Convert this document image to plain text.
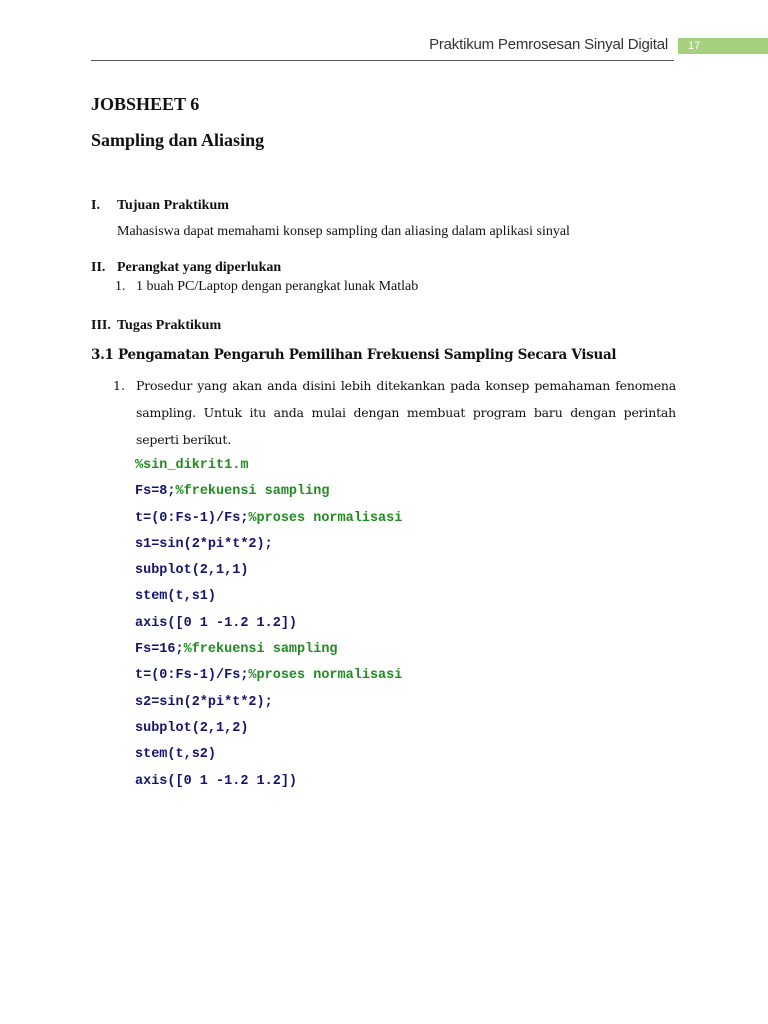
Praktikum Pemrosesan Sinyal Digital	17
JOBSHEET 6
Sampling dan Aliasing
I. Tujuan Praktikum
Mahasiswa dapat memahami konsep sampling dan aliasing dalam aplikasi sinyal
II. Perangkat yang diperlukan
1. 1 buah PC/Laptop dengan perangkat lunak Matlab
III. Tugas Praktikum
3.1 Pengamatan Pengaruh Pemilihan Frekuensi Sampling Secara Visual
1. Prosedur yang akan anda disini lebih ditekankan pada konsep pemahaman fenomena sampling. Untuk itu anda mulai dengan membuat program baru dengan perintah seperti berikut.
%sin_dikrit1.m
Fs=8;%frekuensi sampling
t=(0:Fs-1)/Fs;%proses normalisasi
s1=sin(2*pi*t*2);
subplot(2,1,1)
stem(t,s1)
axis([0 1 -1.2 1.2])
Fs=16;%frekuensi sampling
t=(0:Fs-1)/Fs;%proses normalisasi
s2=sin(2*pi*t*2);
subplot(2,1,2)
stem(t,s2)
axis([0 1 -1.2 1.2])
